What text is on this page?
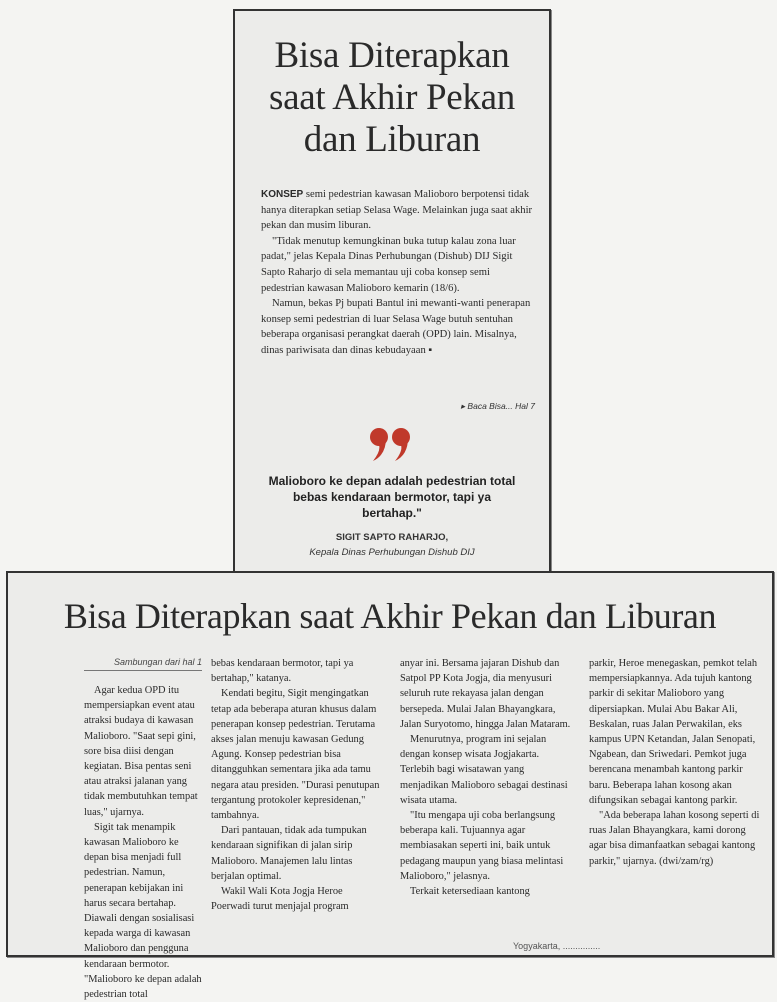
Bisa Diterapkan
saat Akhir Pekan
dan Liburan

KONSEP semi pedestrian kawasan Malioboro berpotensi tidak hanya diterapkan setiap Selasa Wage. Melainkan juga saat akhir pekan dan musim liburan.

"Tidak menutup kemungkinan buka tutup kalau zona luar padat," jelas Kepala Dinas Perhubungan (Dishub) DIJ Sigit Sapto Raharjo di sela memantau uji coba konsep semi pedestrian kawasan Malioboro kemarin (18/6).

Namun, bekas Pj bupati Bantul ini mewanti-wanti penerapan konsep semi pedestrian di luar Selasa Wage butuh sentuhan beberapa organisasi perangkat daerah (OPD) lain. Misalnya, dinas pariwisata dan dinas kebudayaan ▪

▸ Baca Bisa... Hal 7
Malioboro ke depan adalah pedestrian total bebas kendaraan bermotor, tapi ya bertahap."
SIGIT SAPTO RAHARJO,
Kepala Dinas Perhubungan Dishub DIJ
Bisa Diterapkan saat Akhir Pekan dan Liburan
Sambungan dari hal 1

Agar kedua OPD itu mempersiapkan event atau atraksi budaya di kawasan Malioboro. "Saat sepi gini, sore bisa diisi dengan kegiatan. Bisa pentas seni atau atraksi jalanan yang tidak membutuhkan tempat luas," ujarnya.

Sigit tak menampik kawasan Malioboro ke depan bisa menjadi full pedestrian. Namun, penerapan kebijakan ini harus secara bertahap. Diawali dengan sosialisasi kepada warga di kawasan Malioboro dan pengguna kendaraan bermotor. "Malioboro ke depan adalah pedestrian total

bebas kendaraan bermotor, tapi ya bertahap," katanya.

Kendati begitu, Sigit mengingatkan tetap ada beberapa aturan khusus dalam penerapan konsep pedestrian. Terutama akses jalan menuju kawasan Gedung Agung. Konsep pedestrian bisa ditangguhkan sementara jika ada tamu negara atau presiden. "Durasi penutupan tergantung protokoler kepresidenan," tambahnya.

Dari pantauan, tidak ada tumpukan kendaraan signifikan di jalan sirip Malioboro. Manajemen lalu lintas berjalan optimal.

Wakil Wali Kota Jogja Heroe Poerwadi turut menjajal program

anyar ini. Bersama jajaran Dishub dan Satpol PP Kota Jogja, dia menyusuri seluruh rute rekayasa jalan dengan bersepeda. Mulai Jalan Bhayangkara, Jalan Suryotomo, hingga Jalan Mataram.

Menurutnya, program ini sejalan dengan konsep wisata Jogjakarta. Terlebih bagi wisatawan yang menjadikan Malioboro sebagai destinasi wisata utama.

"Itu mengapa uji coba berlangsung beberapa kali. Tujuannya agar membiasakan seperti ini, baik untuk pedagang maupun yang biasa melintasi Malioboro," jelasnya.

Terkait ketersediaan kantong

parkir, Heroe menegaskan, pemkot telah mempersiapkannya. Ada tujuh kantong parkir di sekitar Malioboro yang dipersiapkan. Mulai Abu Bakar Ali, Beskalan, ruas Jalan Perwakilan, eks kampus UPN Ketandan, Jalan Senopati, Ngabean, dan Sriwedari. Pemkot juga berencana menambah kantong parkir baru. Beberapa lahan kosong akan difungsikan sebagai kantong parkir.

"Ada beberapa lahan kosong seperti di ruas Jalan Bhayangkara, kami dorong agar bisa dimanfaatkan sebagai kantong parkir," ujarnya. (dwi/zam/rg)

Yogyakarta, ...............
